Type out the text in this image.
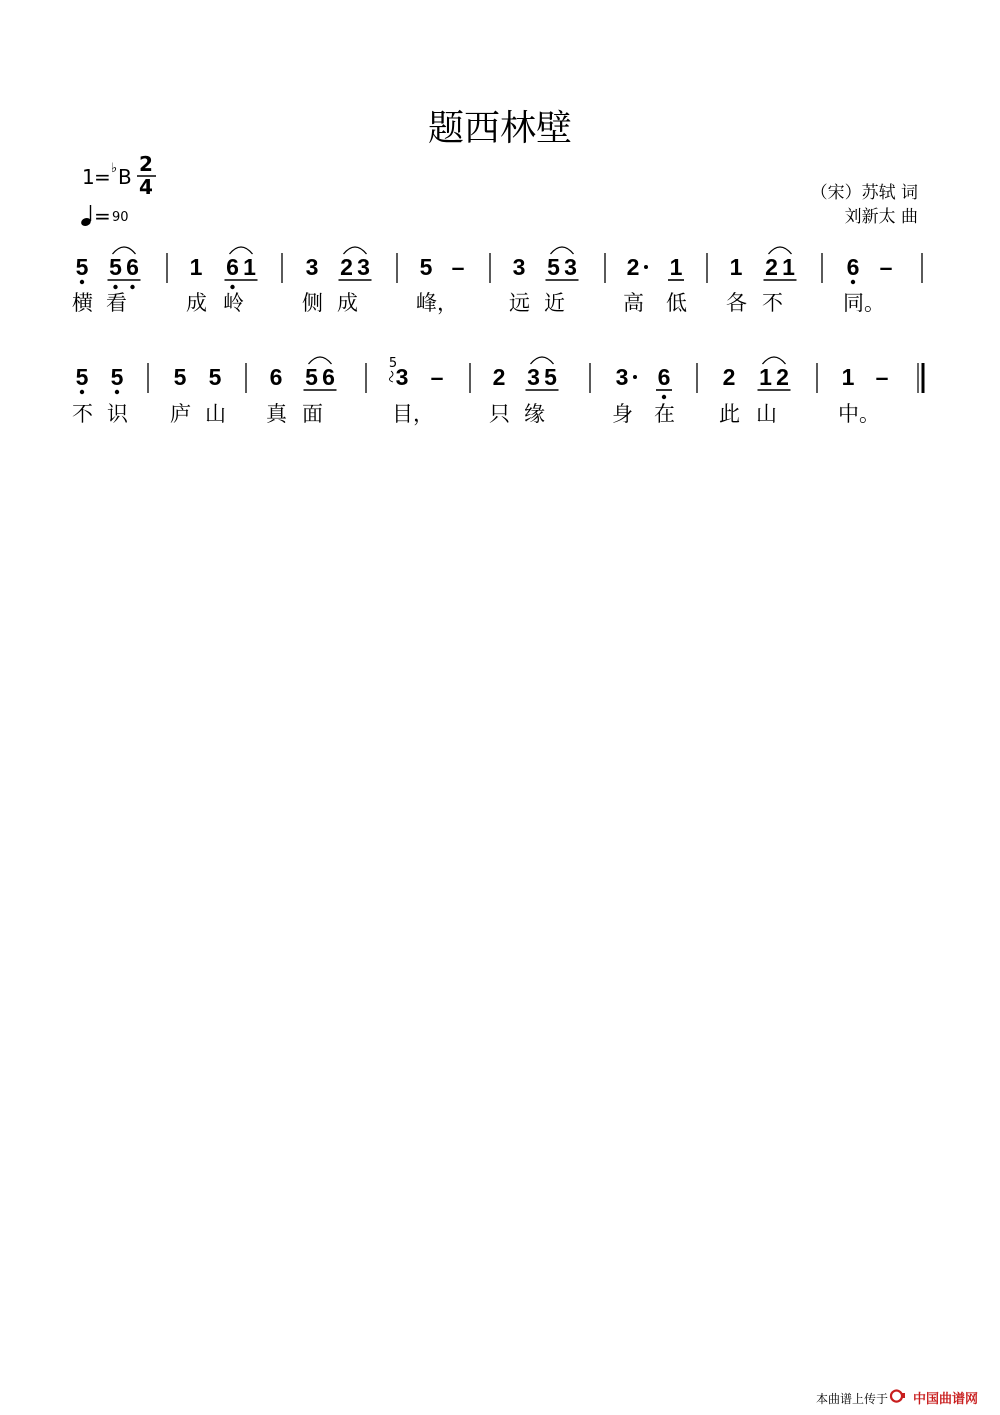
题西林壁
1 = ♭ B
2
4
= 90
（宋）苏轼 词
刘新太 曲
5 5 6
横 看
1 6 1
成 岭
3 2 3
侧 成
5 –
峰，
3 5 3
远 近
2 1
高 低
1 2 1
各 不
6 –
同。
5 5
不 识
5 5
庐 山
6 5 6
真 面
3 –
5
目，
2 3 5
只 缘
3 6
身 在
2 1 2
此 山
1 –
中。
本曲谱上传于 中国曲谱网
